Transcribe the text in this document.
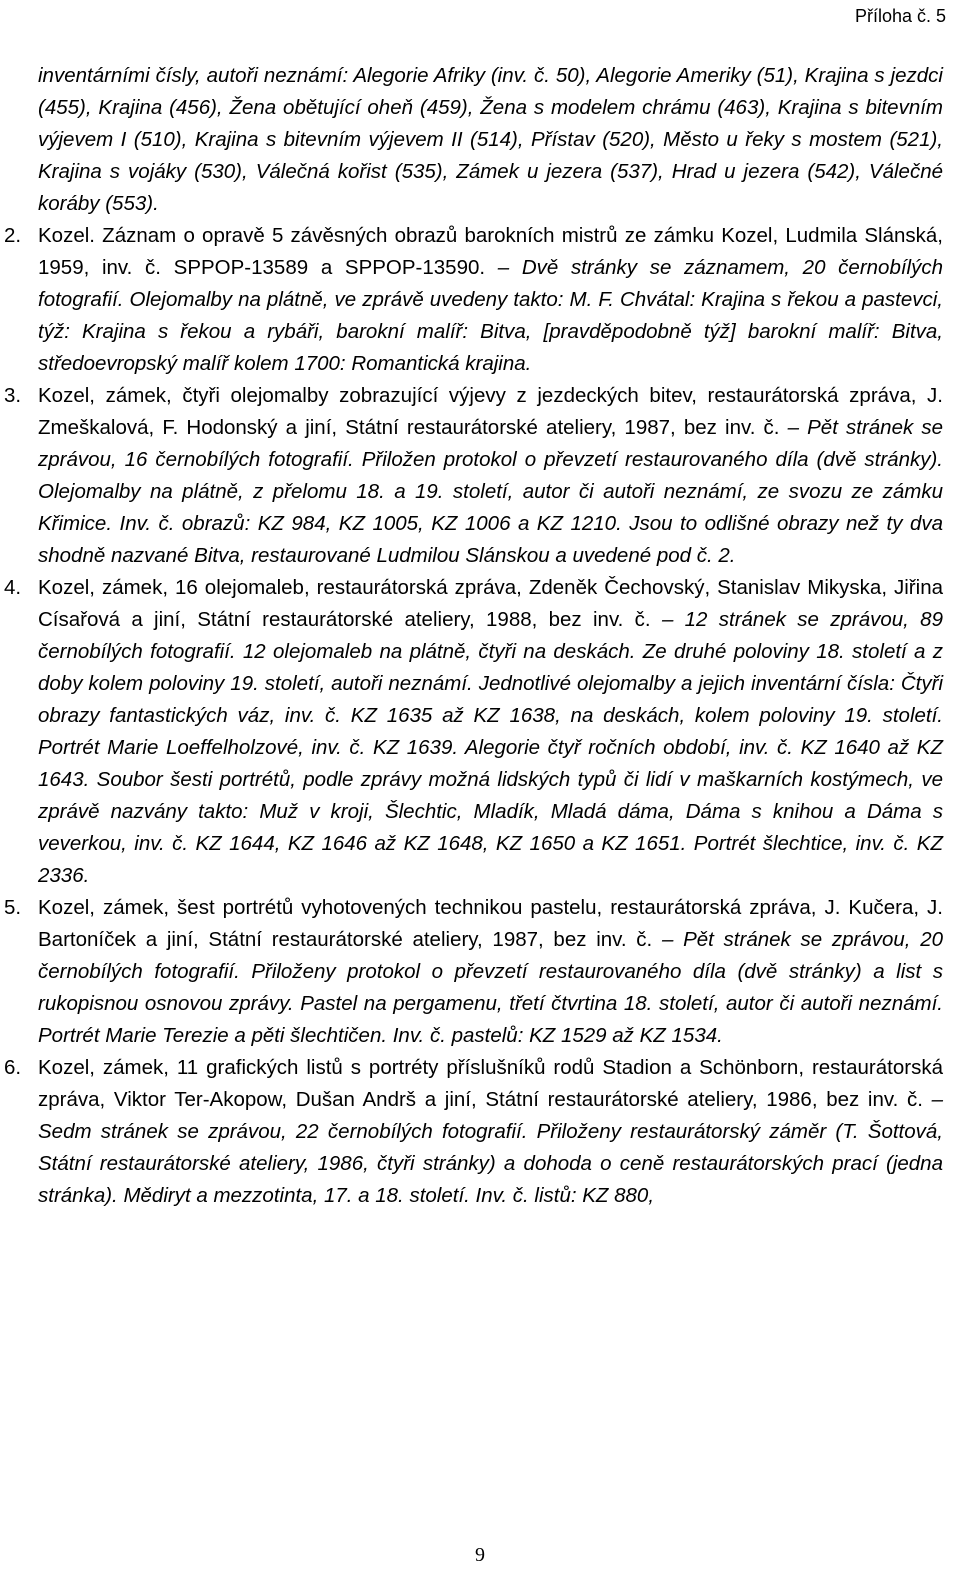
Příloha č. 5

inventárními čísly, autoři neznámí: Alegorie Afriky (inv. č. 50), Alegorie Ameriky (51), Krajina s jezdci (455), Krajina (456), Žena obětující oheň (459), Žena s modelem chrámu (463), Krajina s bitevním výjevem I (510), Krajina s bitevním výjevem II (514), Přístav (520), Město u řeky s mostem (521), Krajina s vojáky (530), Válečná kořist (535), Zámek u jezera (537), Hrad u jezera (542), Válečné koráby (553).

2. Kozel. Záznam o opravě 5 závěsných obrazů barokních mistrů ze zámku Kozel, Ludmila Slánská, 1959, inv. č. SPPOP-13589 a SPPOP-13590. – Dvě stránky se záznamem, 20 černobílých fotografií. Olejomalby na plátně, ve zprávě uvedeny takto: M. F. Chvátal: Krajina s řekou a pastevci, týž: Krajina s řekou a rybáři, barokní malíř: Bitva, [pravděpodobně týž] barokní malíř: Bitva, středoevropský malíř kolem 1700: Romantická krajina.
3. Kozel, zámek, čtyři olejomalby zobrazující výjevy z jezdeckých bitev, restaurátorská zpráva, J. Zmeškalová, F. Hodonský a jiní, Státní restaurátorské ateliery, 1987, bez inv. č. – Pět stránek se zprávou, 16 černobílých fotografií. Přiložen protokol o převzetí restaurovaného díla (dvě stránky). Olejomalby na plátně, z přelomu 18. a 19. století, autor či autoři neznámí, ze svozu ze zámku Křimice. Inv. č. obrazů: KZ 984, KZ 1005, KZ 1006 a KZ 1210. Jsou to odlišné obrazy než ty dva shodně nazvané Bitva, restaurované Ludmilou Slánskou a uvedené pod č. 2.
4. Kozel, zámek, 16 olejomaleb, restaurátorská zpráva, Zdeněk Čechovský, Stanislav Mikyska, Jiřina Císařová a jiní, Státní restaurátorské ateliery, 1988, bez inv. č. – 12 stránek se zprávou, 89 černobílých fotografií. 12 olejomaleb na plátně, čtyři na deskách. Ze druhé poloviny 18. století a z doby kolem poloviny 19. století, autoři neznámí. Jednotlivé olejomalby a jejich inventární čísla: Čtyři obrazy fantastických váz, inv. č. KZ 1635 až KZ 1638, na deskách, kolem poloviny 19. století. Portrét Marie Loeffelholzové, inv. č. KZ 1639. Alegorie čtyř ročních období, inv. č. KZ 1640 až KZ 1643. Soubor šesti portrétů, podle zprávy možná lidských typů či lidí v maškarních kostýmech, ve zprávě nazvány takto: Muž v kroji, Šlechtic, Mladík, Mladá dáma, Dáma s knihou a Dáma s veverkou, inv. č. KZ 1644, KZ 1646 až KZ 1648, KZ 1650 a KZ 1651. Portrét šlechtice, inv. č. KZ 2336.
5. Kozel, zámek, šest portrétů vyhotovených technikou pastelu, restaurátorská zpráva, J. Kučera, J. Bartoníček a jiní, Státní restaurátorské ateliery, 1987, bez inv. č. – Pět stránek se zprávou, 20 černobílých fotografií. Přiloženy protokol o převzetí restaurovaného díla (dvě stránky) a list s rukopisnou osnovou zprávy. Pastel na pergamenu, třetí čtvrtina 18. století, autor či autoři neznámí. Portrét Marie Terezie a pěti šlechtičen. Inv. č. pastelů: KZ 1529 až KZ 1534.
6. Kozel, zámek, 11 grafických listů s portréty příslušníků rodů Stadion a Schönborn, restaurátorská zpráva, Viktor Ter-Akopow, Dušan Andrš a jiní, Státní restaurátorské ateliery, 1986, bez inv. č. – Sedm stránek se zprávou, 22 černobílých fotografií. Přiloženy restaurátorský záměr (T. Šottová, Státní restaurátorské ateliery, 1986, čtyři stránky) a dohoda o ceně restaurátorských prací (jedna stránka). Mědiryt a mezzotinta, 17. a 18. století. Inv. č. listů: KZ 880,
9
